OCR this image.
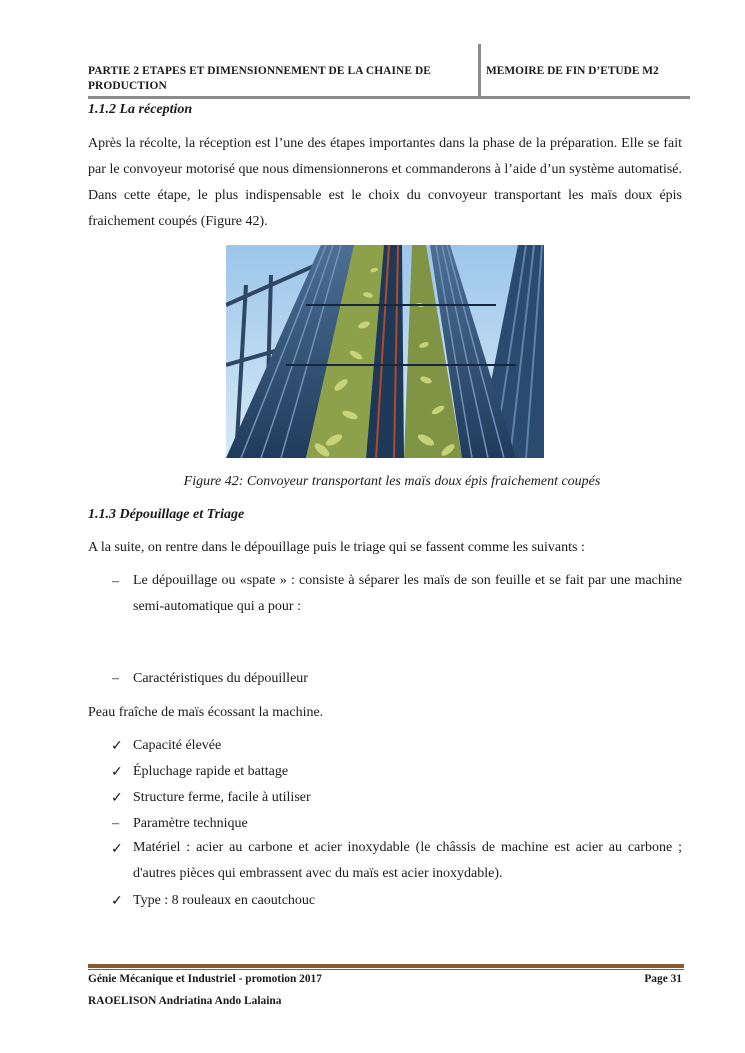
PARTIE 2 ETAPES ET DIMENSIONNEMENT DE LA CHAINE DE PRODUCTION
MEMOIRE DE FIN D’ETUDE M2
1.1.2 La réception
Après la récolte, la réception est l’une des étapes importantes dans la phase de la préparation. Elle se fait par le convoyeur motorisé que nous dimensionnerons et commanderons à l’aide d’un système automatisé. Dans cette étape, le plus indispensable est le choix du convoyeur transportant les maïs doux épis fraichement coupés (Figure 42).
Figure 42: Convoyeur transportant les maïs doux épis fraichement coupés
1.1.3 Dépouillage et Triage
A la suite, on rentre dans le dépouillage puis le triage qui se fassent comme les suivants :
– Le dépouillage ou «spate » : consiste à séparer les maïs de son feuille et se fait par une machine semi-automatique qui a pour :
– Caractéristiques du dépouilleur
Peau fraîche de maïs écossant la machine.
✓ Capacité élevée
✓ Épluchage rapide et battage
✓ Structure ferme, facile à utiliser
– Paramètre technique
✓ Matériel : acier au carbone et acier inoxydable (le châssis de machine est acier au carbone ; d'autres pièces qui embrassent avec du maïs est acier inoxydable).
✓ Type : 8 rouleaux en caoutchouc
Génie Mécanique et Industriel - promotion 2017	Page 31
RAOELISON Andriatina Ando Lalaina
